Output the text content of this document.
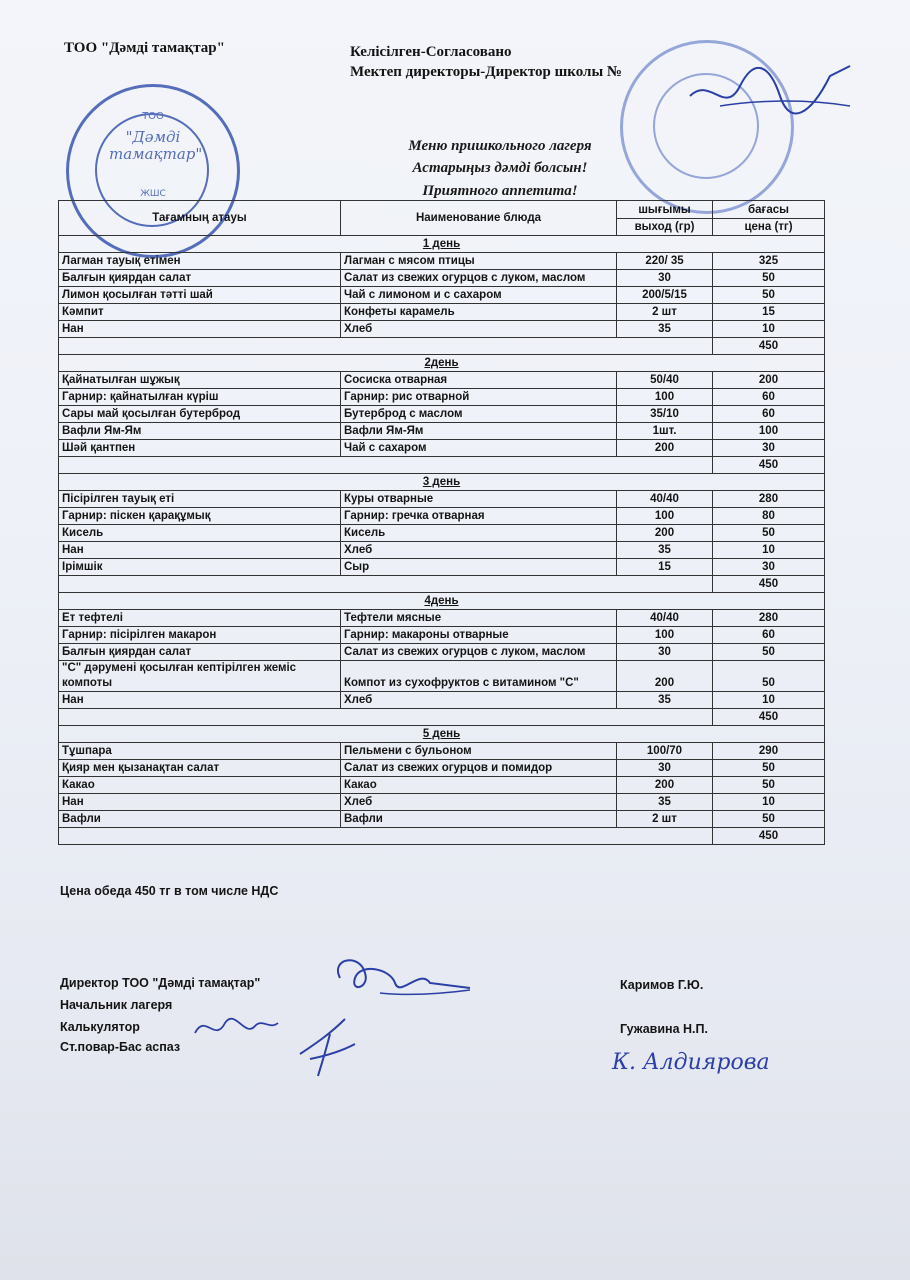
ТОО "Дәмді тамақтар"	Келісілген-Согласовано
Мектеп директоры-Директор школы №
ТОО
"Дәмді тамақтар"
ЖШС
Меню пришкольного лагеря
Астарыңыз дәмді болсын!
Приятного аппетита!
Тағамның атауы	Наименование блюда	шығымы	бағасы
		выход (гр)	цена (тг)
1 день			
Лагман тауық етімен	Лагман с мясом птицы	220/ 35	325
Балғын қиярдан салат	Салат из свежих огурцов с луком, маслом	30	50
Лимон қосылған тәтті шай	Чай с лимоном и с сахаром	200/5/15	50
Кәмпит	Конфеты карамель	2 шт	15
Нан	Хлеб	35	10
			450
2день			
Қайнатылған шұжық	Сосиска отварная	50/40	200
Гарнир: қайнатылған күріш	Гарнир: рис отварной	100	60
Сары май қосылған бутерброд	Бутерброд с маслом	35/10	60
Вафли Ям-Ям	Вафли Ям-Ям	1шт.	100
Шәй қантпен	Чай с сахаром	200	30
			450
3 день			
Пісірілген тауық еті	Куры отварные	40/40	280
Гарнир: піскен қарақұмық	Гарнир: гречка отварная	100	80
Кисель	Кисель	200	50
Нан	Хлеб	35	10
Ірімшік	Сыр	15	30
			450
4день			
Ет тефтелі	Тефтели мясные	40/40	280
Гарнир: пісірілген макарон	Гарнир: макароны отварные	100	60
Балғын қиярдан салат	Салат из свежих огурцов с луком, маслом	30	50
"С" дәрумені қосылған кептірілген жеміс компоты	Компот из сухофруктов с витамином "С"	200	50
Нан	Хлеб	35	10
			450
5 день			
Тұшпара	Пельмени с бульоном	100/70	290
Қияр мен қызанақтан салат	Салат из свежих огурцов и помидор	30	50
Какао	Какао	200	50
Нан	Хлеб	35	10
Вафли	Вафли	2 шт	50
			450
Цена обеда 450 тг в том числе НДС
Директор ТОО "Дәмді тамақтар"
Начальник лагеря
Калькулятор
Ст.повар-Бас аспаз
Каримов Г.Ю.
Гужавина Н.П.
К. Алдиярова
